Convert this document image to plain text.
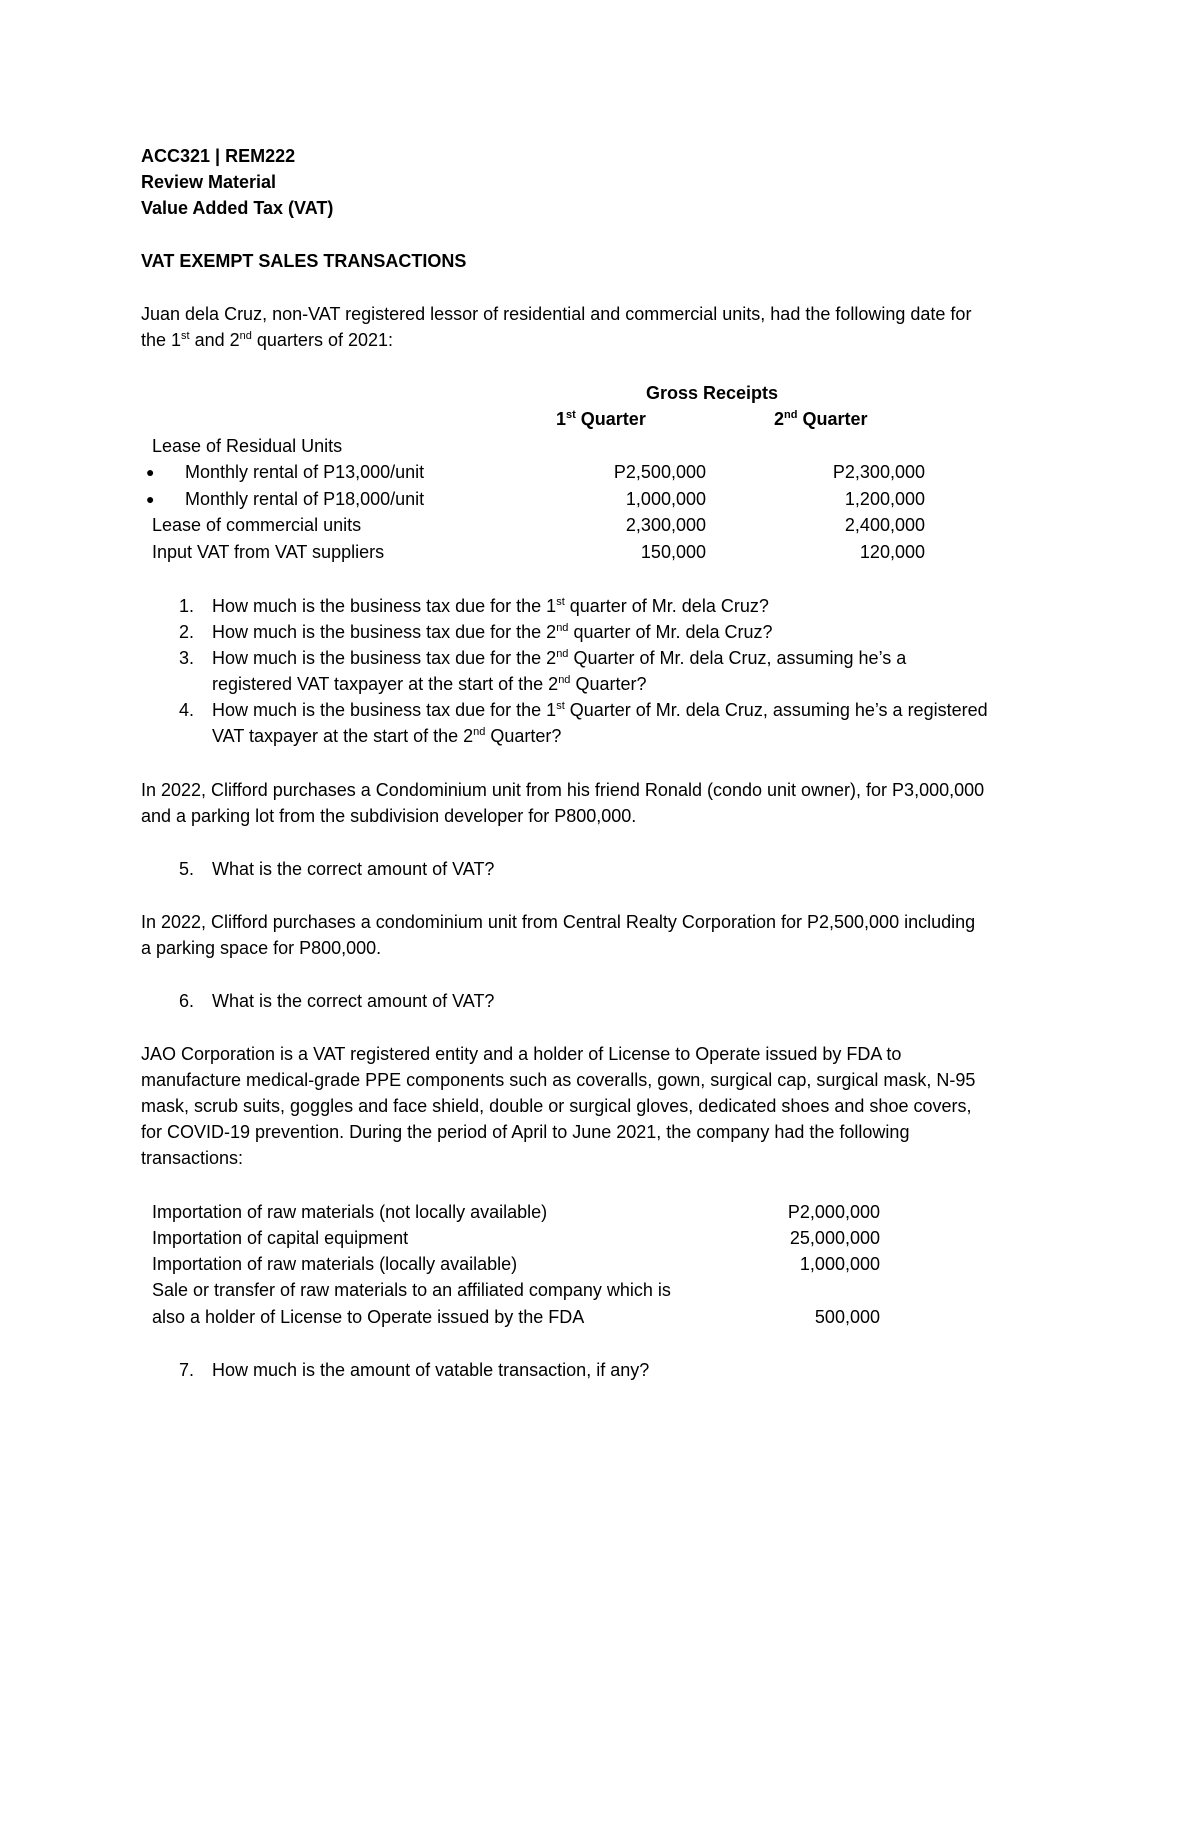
ACC321 | REM222
Review Material
Value Added Tax (VAT)
VAT EXEMPT SALES TRANSACTIONS
Juan dela Cruz, non-VAT registered lessor of residential and commercial units, had the following date for
the 1st and 2nd quarters of 2021:
Gross Receipts
1st Quarter	2nd Quarter
Lease of Residual Units
● Monthly rental of P13,000/unit	P2,500,000	P2,300,000
● Monthly rental of P18,000/unit	1,000,000	1,200,000
Lease of commercial units	2,300,000	2,400,000
Input VAT from VAT suppliers	150,000	120,000
1. How much is the business tax due for the 1st quarter of Mr. dela Cruz?
2. How much is the business tax due for the 2nd quarter of Mr. dela Cruz?
3. How much is the business tax due for the 2nd Quarter of Mr. dela Cruz, assuming he’s a
registered VAT taxpayer at the start of the 2nd Quarter?
4. How much is the business tax due for the 1st Quarter of Mr. dela Cruz, assuming he’s a registered
VAT taxpayer at the start of the 2nd Quarter?
In 2022, Clifford purchases a Condominium unit from his friend Ronald (condo unit owner), for P3,000,000
and a parking lot from the subdivision developer for P800,000.
5. What is the correct amount of VAT?
In 2022, Clifford purchases a condominium unit from Central Realty Corporation for P2,500,000 including
a parking space for P800,000.
6. What is the correct amount of VAT?
JAO Corporation is a VAT registered entity and a holder of License to Operate issued by FDA to
manufacture medical-grade PPE components such as coveralls, gown, surgical cap, surgical mask, N-95
mask, scrub suits, goggles and face shield, double or surgical gloves, dedicated shoes and shoe covers,
for COVID-19 prevention. During the period of April to June 2021, the company had the following
transactions:
Importation of raw materials (not locally available)	P2,000,000
Importation of capital equipment	25,000,000
Importation of raw materials (locally available)	1,000,000
Sale or transfer of raw materials to an affiliated company which is
also a holder of License to Operate issued by the FDA	500,000
7. How much is the amount of vatable transaction, if any?
